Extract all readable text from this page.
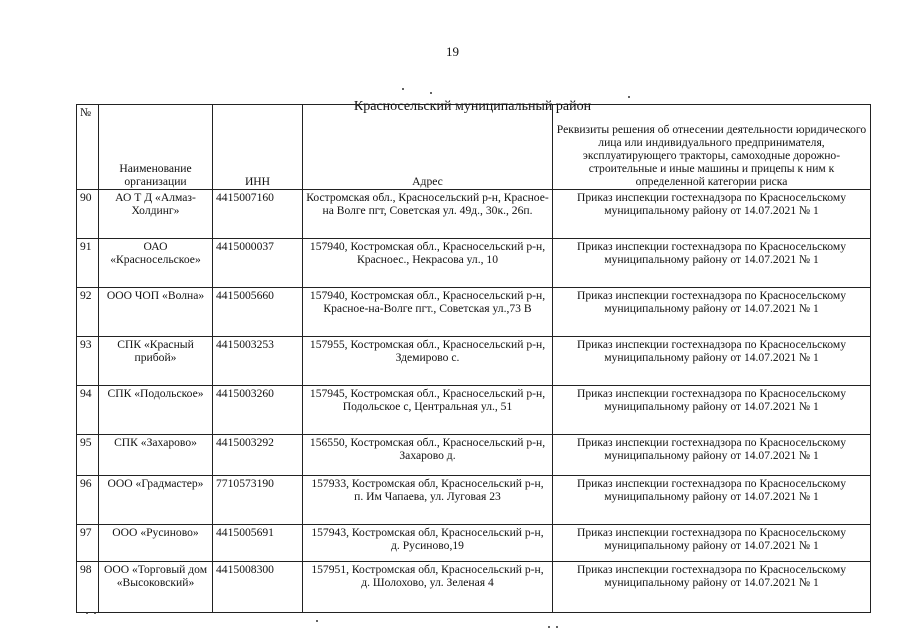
19
Красносельский муниципальный район
№	Наименование организации	ИНН	Адрес	Реквизиты решения об отнесении деятельности юридического лица или индивидуального предпринимателя, эксплуатирующего тракторы, самоходные дорожно-строительные и иные машины и прицепы к ним к определенной категории риска
90	АО Т Д «Алмаз-Холдинг»	4415007160	Костромская обл., Красносельский р-н, Красное-на Волге пгт, Советская ул. 49д., 30к., 26п.	Приказ инспекции гостехнадзора по Красносельскому муниципальному району от 14.07.2021 № 1
91	ОАО «Красносельское»	4415000037	157940, Костромская обл., Красносельский р-н, Красноес., Некрасова ул., 10	Приказ инспекции гостехнадзора по Красносельскому муниципальному району от 14.07.2021 № 1
92	ООО ЧОП «Волна»	4415005660	157940, Костромская обл., Красносельский р-н, Красное-на-Волге пгт., Советская ул.,73 В	Приказ инспекции гостехнадзора по Красносельскому муниципальному району от 14.07.2021 № 1
93	СПК «Красный прибой»	4415003253	157955, Костромская обл., Красносельский р-н, Здемирово с.	Приказ инспекции гостехнадзора по Красносельскому муниципальному району от 14.07.2021 № 1
94	СПК «Подольское»	4415003260	157945, Костромская обл., Красносельский р-н, Подольское с, Центральная ул., 51	Приказ инспекции гостехнадзора по Красносельскому муниципальному району от 14.07.2021 № 1
95	СПК «Захарово»	4415003292	156550, Костромская обл., Красносельский р-н, Захарово д.	Приказ инспекции гостехнадзора по Красносельскому муниципальному району от 14.07.2021 № 1
96	ООО «Градмастер»	7710573190	157933, Костромская обл, Красносельский р-н, п. Им Чапаева, ул. Луговая 23	Приказ инспекции гостехнадзора по Красносельскому муниципальному району от 14.07.2021 № 1
97	ООО «Русиново»	4415005691	157943, Костромская обл, Красносельский р-н, д. Русиново,19	Приказ инспекции гостехнадзора по Красносельскому муниципальному району от 14.07.2021 № 1
98	ООО «Торговый дом «Высоковский»	4415008300	157951, Костромская обл, Красносельский р-н, д. Шолохово, ул. Зеленая 4	Приказ инспекции гостехнадзора по Красносельскому муниципальному району от 14.07.2021 № 1
